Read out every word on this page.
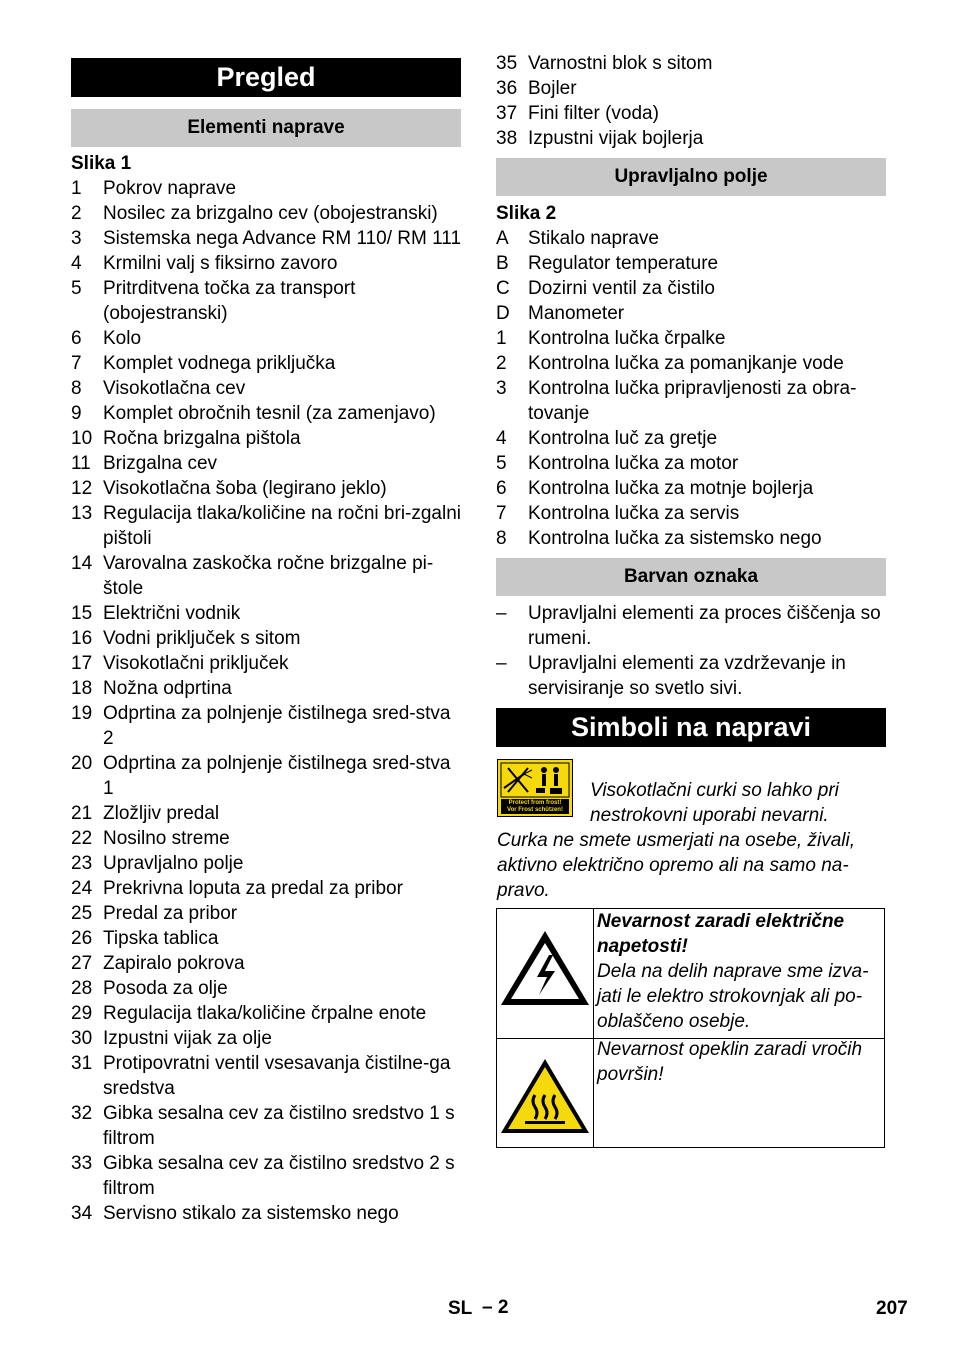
Pregled
Elementi naprave
Slika 1
1 Pokrov naprave
2 Nosilec za brizgalno cev (obojestranski)
3 Sistemska nega Advance RM 110/ RM 111
4 Krmilni valj s fiksirno zavoro
5 Pritrditvena točka za transport (obojestranski)
6 Kolo
7 Komplet vodnega priključka
8 Visokotlačna cev
9 Komplet obročnih tesnil (za zamenjavo)
10 Ročna brizgalna pištola
11 Brizgalna cev
12 Visokotlačna šoba (legirano jeklo)
13 Regulacija tlaka/količine na ročni bri-zgalni pištoli
14 Varovalna zaskočka ročne brizgalne pi-štole
15 Električni vodnik
16 Vodni priključek s sitom
17 Visokotlačni priključek
18 Nožna odprtina
19 Odprtina za polnjenje čistilnega sred-stva 2
20 Odprtina za polnjenje čistilnega sred-stva 1
21 Zložljiv predal
22 Nosilno streme
23 Upravljalno polje
24 Prekrivna loputa za predal za pribor
25 Predal za pribor
26 Tipska tablica
27 Zapiralo pokrova
28 Posoda za olje
29 Regulacija tlaka/količine črpalne enote
30 Izpustni vijak za olje
31 Protipovratni ventil vsesavanja čistilne-ga sredstva
32 Gibka sesalna cev za čistilno sredstvo 1 s filtrom
33 Gibka sesalna cev za čistilno sredstvo 2 s filtrom
34 Servisno stikalo za sistemsko nego
35 Varnostni blok s sitom
36 Bojler
37 Fini filter (voda)
38 Izpustni vijak bojlerja
Upravljalno polje
Slika 2
A Stikalo naprave
B Regulator temperature
C Dozirni ventil za čistilo
D Manometer
1 Kontrolna lučka črpalke
2 Kontrolna lučka za pomanjkanje vode
3 Kontrolna lučka pripravljenosti za obra-tovanje
4 Kontrolna luč za gretje
5 Kontrolna lučka za motor
6 Kontrolna lučka za motnje bojlerja
7 Kontrolna lučka za servis
8 Kontrolna lučka za sistemsko nego
Barvan oznaka
– Upravljalni elementi za proces čiščenja so rumeni.
– Upravljalni elementi za vzdrževanje in servisiranje so svetlo sivi.
Simboli na napravi
Protect from frost!
Vor Frost schützen!
Visokotlačni curki so lahko pri
nestrokovni uporabi nevarni.
Curka ne smete usmerjati na osebe, živali, aktivno električno opremo ali na samo na-pravo.
Nevarnost zaradi električne napetosti!
Dela na delih naprave sme izva-jati le elektro strokovnjak ali po-oblaščeno osebje.
Nevarnost opeklin zaradi vročih površin!
SL – 2	207
